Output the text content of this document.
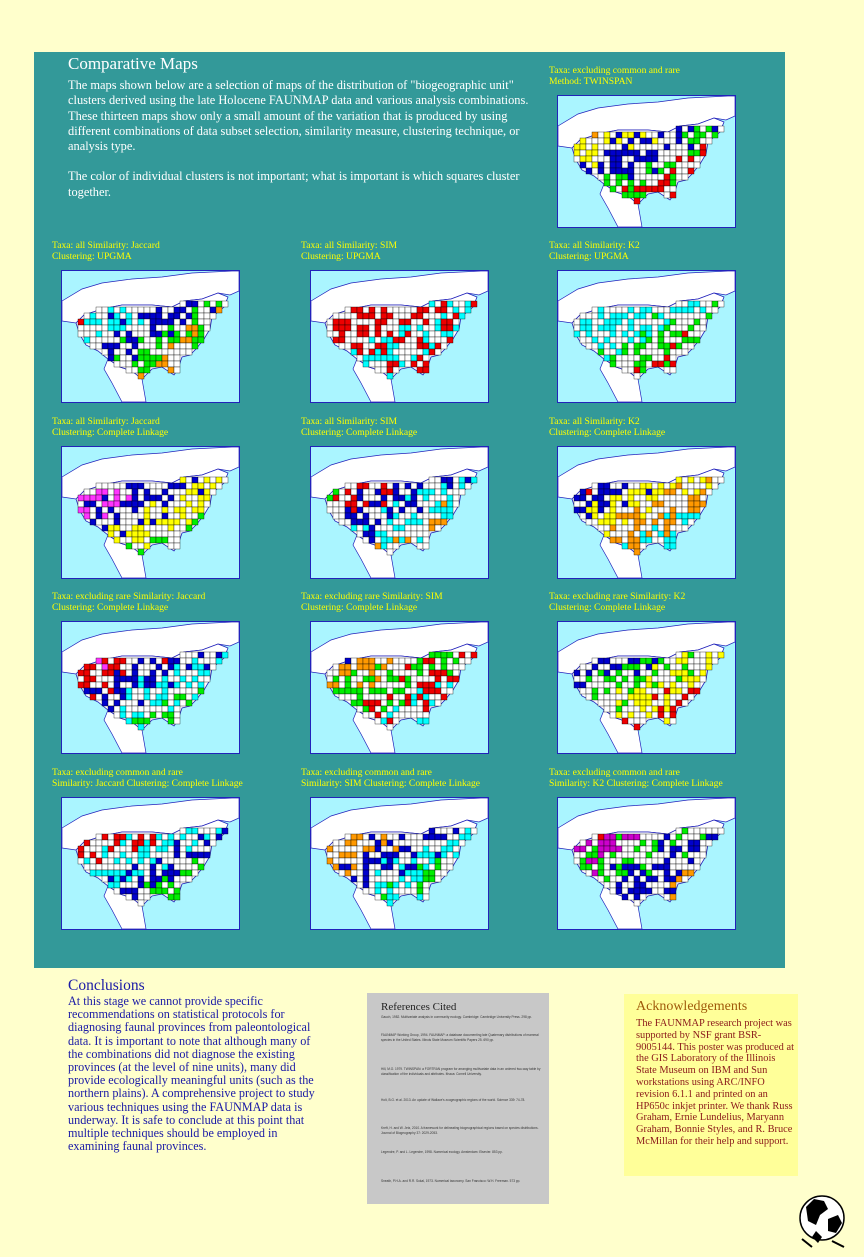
Comparative Maps

The maps shown below are a selection of maps of the distribution of "biogeographic unit" clusters derived using the late Holocene FAUNMAP data and various analysis combinations. These thirteen maps show only a small amount of the variation that is produced by using different combinations of data subset selection, similarity measure, clustering technique, or analysis type.

The color of individual clusters is not important; what is important is which squares cluster together.

Taxa: excluding common and rare
Method: TWINSPAN
Taxa: all Similarity: Jaccard
Clustering: UPGMA
Taxa: all Similarity: SIM
Clustering: UPGMA
Taxa: all Similarity: K2
Clustering: UPGMA
Taxa: all Similarity: Jaccard
Clustering: Complete Linkage
Taxa: all Similarity: SIM
Clustering: Complete Linkage
Taxa: all Similarity: K2
Clustering: Complete Linkage
Taxa: excluding rare Similarity: Jaccard
Clustering: Complete Linkage
Taxa: excluding rare Similarity: SIM
Clustering: Complete Linkage
Taxa: excluding rare Similarity: K2
Clustering: Complete Linkage
Taxa: excluding common and rare
Similarity: Jaccard Clustering: Complete Linkage
Taxa: excluding common and rare
Similarity: SIM Clustering: Complete Linkage
Taxa: excluding common and rare
Similarity: K2 Clustering: Complete Linkage
Conclusions
At this stage we cannot provide specific recommendations on statistical protocols for diagnosing faunal provinces from paleontological data. It is important to note that although many of the combinations did not diagnose the existing provinces (at the level of nine units), many did provide ecologically meaningful units (such as the northern plains). A comprehensive project to study various techniques using the FAUNMAP data is underway. It is safe to conclude at this point that multiple techniques should be employed in examining faunal provinces.
References Cited
Gauch, 1982. Multivariate analysis in community ecology. Cambridge: Cambridge University Press. 298 pp.
FAUNMAP Working Group, 1994. FAUNMAP: a database documenting late Quaternary distributions of mammal species in the United States. Illinois State Museum Scientific Papers 25. 690 pp.
Hill, M.O. 1979. TWINSPAN: a FORTRAN program for arranging multivariate data in an ordered two-way table by classification of the individuals and attributes. Ithaca: Cornell University.
Holt, B.G. et al. 2013. An update of Wallace's zoogeographic regions of the world. Science 339: 74-78.
Kreft, H. and W. Jetz, 2010. A framework for delineating biogeographical regions based on species distributions. Journal of Biogeography 37: 2029-2053.
Legendre, P. and L. Legendre, 1998. Numerical ecology. Amsterdam: Elsevier. 853 pp.
Sneath, P.H.A. and R.R. Sokal, 1973. Numerical taxonomy. San Francisco: W.H. Freeman. 573 pp.
Acknowledgements
The FAUNMAP research project was supported by NSF grant BSR-9005144. This poster was produced at the GIS Laboratory of the Illinois State Museum on IBM and Sun workstations using ARC/INFO revision 6.1.1 and printed on an HP650c inkjet printer. We thank Russ Graham, Ernie Lundelius, Maryann Graham, Bonnie Styles, and R. Bruce McMillan for their help and support.
